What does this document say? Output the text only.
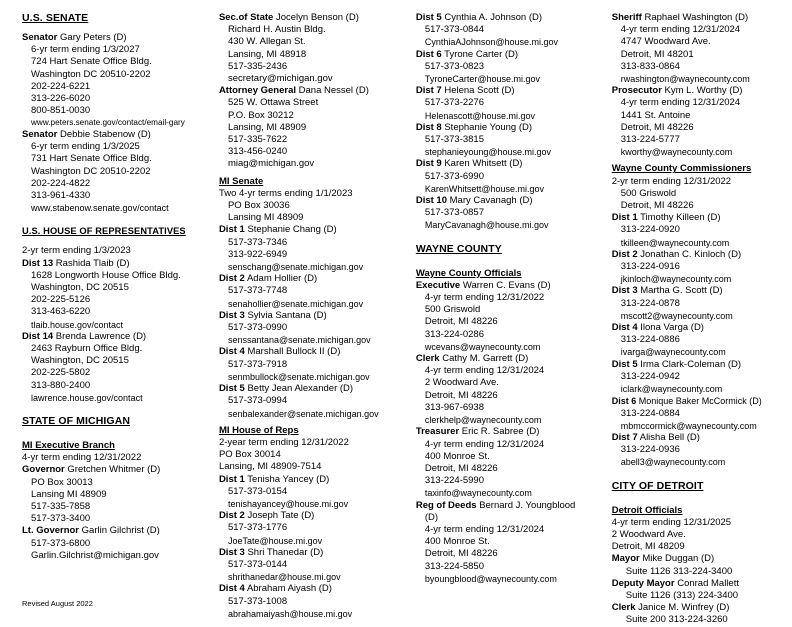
U.S. SENATE
Senator Gary Peters (D)
6-yr term ending 1/3/2027
724 Hart Senate Office Bldg.
Washington DC 20510-2202
202-224-6221
313-226-6020
800-851-0030
www.peters.senate.gov/contact/email-gary
Senator Debbie Stabenow (D)
6-yr term ending 1/3/2025
731 Hart Senate Office Bldg.
Washington DC 20510-2202
202-224-4822
313-961-4330
www.stabenow.senate.gov/contact
U.S. HOUSE OF REPRESENTATIVES
2-yr term ending 1/3/2023
Dist 13 Rashida Tlaib (D)
1628 Longworth House Office Bldg.
Washington, DC 20515
202-225-5126
313-463-6220
tlaib.house.gov/contact
Dist 14 Brenda Lawrence (D)
2463 Rayburn Office Bldg.
Washington, DC 20515
202-225-5802
313-880-2400
lawrence.house.gov/contact
STATE OF MICHIGAN
MI Executive Branch
4-yr term ending 12/31/2022
Governor Gretchen Whitmer (D)
PO Box 30013
Lansing MI 48909
517-335-7858
517-373-3400
Lt. Governor Garlin Gilchrist (D)
517-373-6800
Garlin.Gilchrist@michigan.gov
Sec.of State Jocelyn Benson (D)
Richard H. Austin Bldg.
430 W. Allegan St.
Lansing, MI 48918
517-335-2436
secretary@michigan.gov
Attorney General Dana Nessel (D)
525 W. Ottawa Street
P.O. Box 30212
Lansing, MI 48909
517-335-7622
313-456-0240
miag@michigan.gov
MI Senate
Two 4-yr terms ending 1/1/2023
PO Box 30036
Lansing MI 48909
Dist 1 Stephanie Chang (D)
517-373-7346
313-922-6949
senschang@senate.michigan.gov
Dist 2 Adam Hollier (D)
517-373-7748
senahollier@senate.michigan.gov
Dist 3 Sylvia Santana (D)
517-373-0990
senssantana@senate.michigan.gov
Dist 4 Marshall Bullock II (D)
517-373-7918
senmbullock@senate.michigan.gov
Dist 5 Betty Jean Alexander (D)
517-373-0994
senbalexander@senate.michigan.gov
MI House of Reps
2-year term ending 12/31/2022
PO Box 30014
Lansing, MI 48909-7514
Dist 1 Tenisha Yancey (D)
517-373-0154
tenishayancey@house.mi.gov
Dist 2 Joseph Tate (D)
517-373-1776
JoeTate@house.mi.gov
Dist 3 Shri Thanedar (D)
517-373-0144
shrithanedar@house.mi.gov
Dist 4 Abraham Aiyash (D)
517-373-1008
abrahamaiyash@house.mi.gov
Dist 5 Cynthia A. Johnson (D)
517-373-0844
CynthiaAJohnson@house.mi.gov
Dist 6 Tyrone Carter (D)
517-373-0823
TyroneCarter@house.mi.gov
Dist 7 Helena Scott (D)
517-373-2276
Helenascott@house.mi.gov
Dist 8 Stephanie Young (D)
517-373-3815
stephanieyoung@house.mi.gov
Dist 9 Karen Whitsett (D)
517-373-6990
KarenWhitsett@house.mi.gov
Dist 10 Mary Cavanagh (D)
517-373-0857
MaryCavanagh@house.mi.gov
WAYNE COUNTY
Wayne County Officials
Executive Warren C. Evans (D)
4-yr term ending 12/31/2022
500 Griswold
Detroit, MI 48226
313-224-0286
wcevans@waynecounty.com
Clerk Cathy M. Garrett (D)
4-yr term ending 12/31/2024
2 Woodward Ave.
Detroit, MI 48226
313-967-6938
clerkhelp@waynecounty.com
Treasurer Eric R. Sabree (D)
4-yr term ending 12/31/2024
400 Monroe St.
Detroit, MI 48226
313-224-5990
taxinfo@waynecounty.com
Reg of Deeds Bernard J. Youngblood
(D)
4-yr term ending 12/31/2024
400 Monroe St.
Detroit, MI 48226
313-224-5850
byoungblood@waynecounty.com
Sheriff Raphael Washington (D)
4-yr term ending 12/31/2024
4747 Woodward Ave.
Detroit, MI 48201
313-833-0864
rwashington@waynecounty.com
Prosecutor Kym L. Worthy (D)
4-yr term ending 12/31/2024
1441 St. Antoine
Detroit, MI 48226
313-224-5777
kworthy@waynecounty.com
Wayne County Commissioners
2-yr term ending 12/31/2022
500 Griswold
Detroit, MI 48226
Dist 1 Timothy Killeen (D)
313-224-0920
tkilleen@waynecounty.com
Dist 2 Jonathan C. Kinloch (D)
313-224-0916
jkinloch@waynecounty.com
Dist 3 Martha G. Scott (D)
313-224-0878
mscott2@waynecounty.com
Dist 4 Ilona Varga (D)
313-224-0886
ivarga@waynecounty.com
Dist 5 Irma Clark-Coleman (D)
313-224-0942
iclark@waynecounty.com
Dist 6 Monique Baker McCormick (D)
313-224-0884
mbmccormick@waynecounty.com
Dist 7 Alisha Bell (D)
313-224-0936
abell3@waynecounty.com
CITY OF DETROIT
Detroit Officials
4-yr term ending 12/31/2025
2 Woodward Ave.
Detroit, MI 48209
Mayor Mike Duggan (D)
Suite 1126 313-224-3400
Deputy Mayor Conrad Mallett
Suite 1126 (313) 224-3400
Clerk Janice M. Winfrey (D)
Suite 200 313-224-3260
Revised August 2022
